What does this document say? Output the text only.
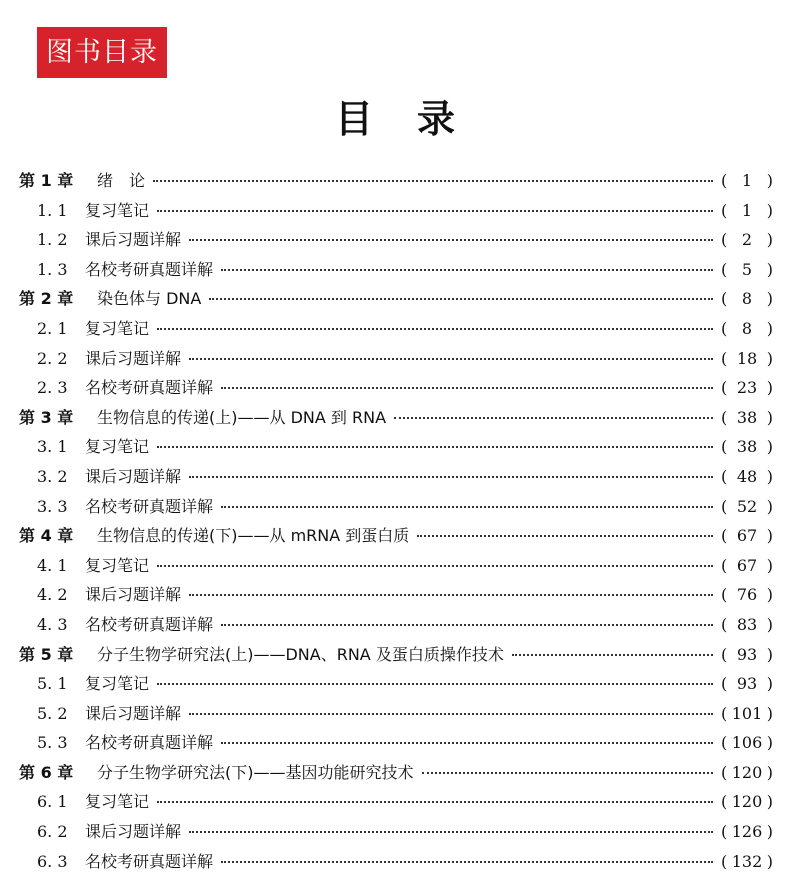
图书目录
目录
第 1 章	绪　论	( 1 )
1. 1	复习笔记	( 1 )
1. 2	课后习题详解	( 2 )
1. 3	名校考研真题详解	( 5 )
第 2 章	染色体与 DNA	( 8 )
2. 1	复习笔记	( 8 )
2. 2	课后习题详解	( 18 )
2. 3	名校考研真题详解	( 23 )
第 3 章	生物信息的传递(上)——从 DNA 到 RNA	( 38 )
3. 1	复习笔记	( 38 )
3. 2	课后习题详解	( 48 )
3. 3	名校考研真题详解	( 52 )
第 4 章	生物信息的传递(下)——从 mRNA 到蛋白质	( 67 )
4. 1	复习笔记	( 67 )
4. 2	课后习题详解	( 76 )
4. 3	名校考研真题详解	( 83 )
第 5 章	分子生物学研究法(上)——DNA、RNA 及蛋白质操作技术	( 93 )
5. 1	复习笔记	( 93 )
5. 2	课后习题详解	( 101 )
5. 3	名校考研真题详解	( 106 )
第 6 章	分子生物学研究法(下)——基因功能研究技术	( 120 )
6. 1	复习笔记	( 120 )
6. 2	课后习题详解	( 126 )
6. 3	名校考研真题详解	( 132 )
